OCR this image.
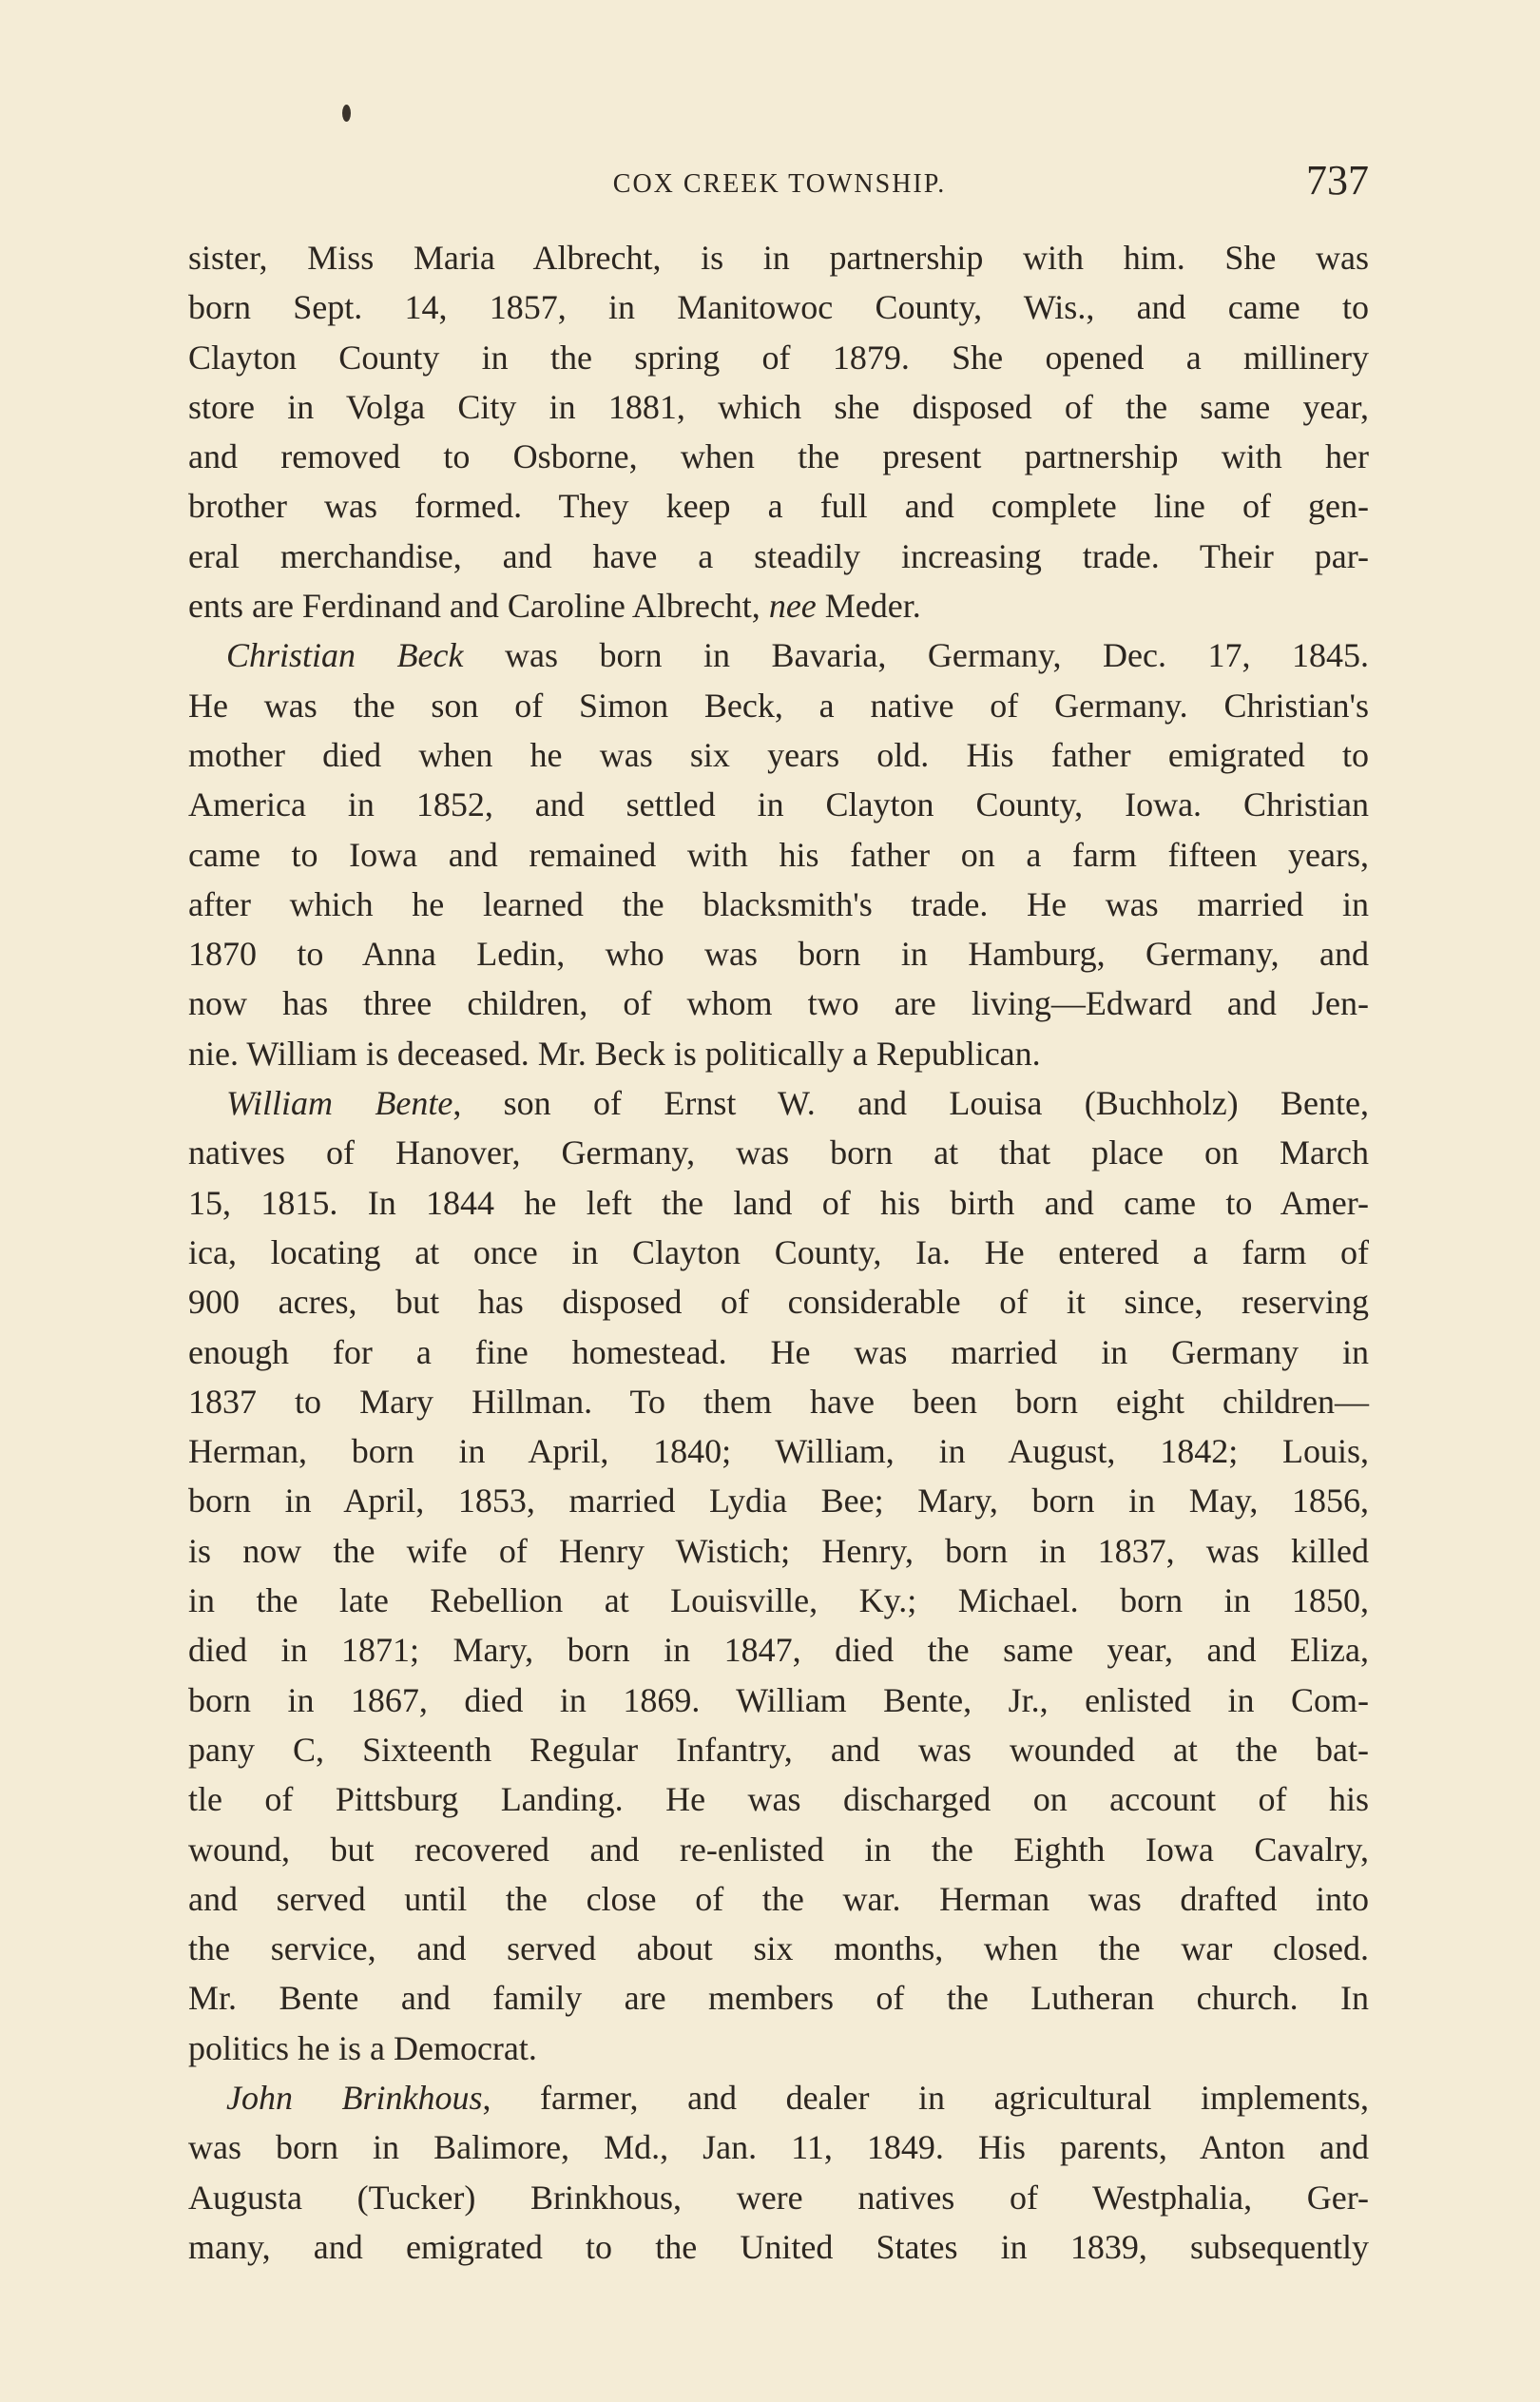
COX CREEK TOWNSHIP.	737

sister, Miss Maria Albrecht, is in partnership with him. She was
born Sept. 14, 1857, in Manitowoc County, Wis., and came to
Clayton County in the spring of 1879. She opened a millinery
store in Volga City in 1881, which she disposed of the same year,
and removed to Osborne, when the present partnership with her
brother was formed. They keep a full and complete line of gen-
eral merchandise, and have a steadily increasing trade. Their par-
ents are Ferdinand and Caroline Albrecht, nee Meder.

Christian Beck was born in Bavaria, Germany, Dec. 17, 1845.
He was the son of Simon Beck, a native of Germany. Christian's
mother died when he was six years old. His father emigrated to
America in 1852, and settled in Clayton County, Iowa. Christian
came to Iowa and remained with his father on a farm fifteen years,
after which he learned the blacksmith's trade. He was married in
1870 to Anna Ledin, who was born in Hamburg, Germany, and
now has three children, of whom two are living—Edward and Jen-
nie. William is deceased. Mr. Beck is politically a Republican.

William Bente, son of Ernst W. and Louisa (Buchholz) Bente,
natives of Hanover, Germany, was born at that place on March
15, 1815. In 1844 he left the land of his birth and came to Amer-
ica, locating at once in Clayton County, Ia. He entered a farm of
900 acres, but has disposed of considerable of it since, reserving
enough for a fine homestead. He was married in Germany in
1837 to Mary Hillman. To them have been born eight children—
Herman, born in April, 1840; William, in August, 1842; Louis,
born in April, 1853, married Lydia Bee; Mary, born in May, 1856,
is now the wife of Henry Wistich; Henry, born in 1837, was killed
in the late Rebellion at Louisville, Ky.; Michael. born in 1850,
died in 1871; Mary, born in 1847, died the same year, and Eliza,
born in 1867, died in 1869. William Bente, Jr., enlisted in Com-
pany C, Sixteenth Regular Infantry, and was wounded at the bat-
tle of Pittsburg Landing. He was discharged on account of his
wound, but recovered and re-enlisted in the Eighth Iowa Cavalry,
and served until the close of the war. Herman was drafted into
the service, and served about six months, when the war closed.
Mr. Bente and family are members of the Lutheran church. In
politics he is a Democrat.

John Brinkhous, farmer, and dealer in agricultural implements,
was born in Balimore, Md., Jan. 11, 1849. His parents, Anton and
Augusta (Tucker) Brinkhous, were natives of Westphalia, Ger-
many, and emigrated to the United States in 1839, subsequently
